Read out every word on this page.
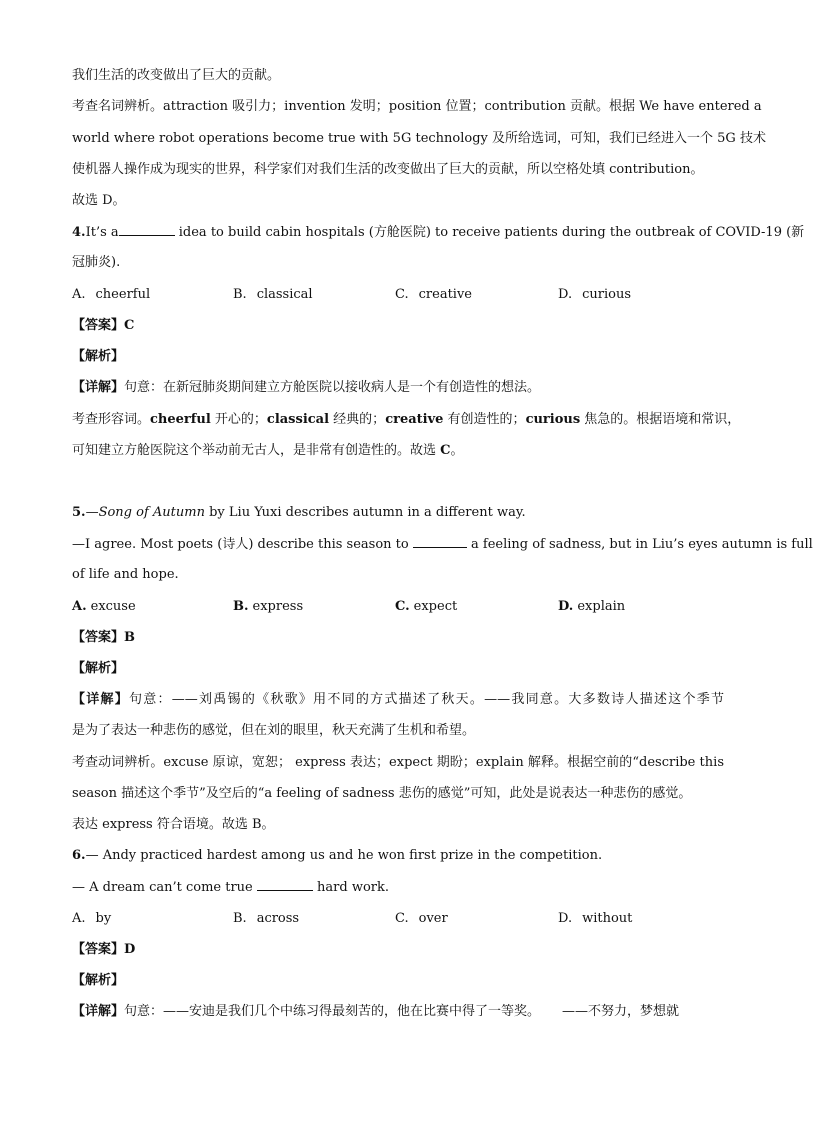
我们生活的改变做出了巨大的贡献。
考查名词辨析。attraction 吸引力；invention 发明；position 位置；contribution 贡献。根据 We have entered a
world where robot operations become true with 5G technology 及所给选词，可知，我们已经进入一个 5G 技术
使机器人操作成为现实的世界，科学家们对我们生活的改变做出了巨大的贡献，所以空格处填 contribution。
故选 D。
4.It’s a	idea to build cabin hospitals (方舱医院) to receive patients during the outbreak of COVID-19 (新
冠肺炎).
A. cheerful	B. classical	C. creative	D. curious
【答案】C
【解析】
【详解】句意：在新冠肺炎期间建立方舱医院以接收病人是一个有创造性的想法。
考查形容词。cheerful 开心的；classical 经典的；creative 有创造性的；curious 焦急的。根据语境和常识，
可知建立方舱医院这个举动前无古人，是非常有创造性的。故选 C。
5.—Song of Autumn by Liu Yuxi describes autumn in a different way.
—I agree. Most poets (诗人) describe this season to	a feeling of sadness, but in Liu’s eyes autumn is full
of life and hope.
A. excuse	B. express	C. expect	D. explain
【答案】B
【解析】
【详解】句意：——刘禹锡的《秋歌》用不同的方式描述了秋天。——我同意。大多数诗人描述这个季节
是为了表达一种悲伤的感觉，但在刘的眼里，秋天充满了生机和希望。
考查动词辨析。excuse 原谅，宽恕； express 表达；expect 期盼；explain 解释。根据空前的“describe this
season 描述这个季节”及空后的“a feeling of sadness 悲伤的感觉”可知，此处是说表达一种悲伤的感觉。
表达 express 符合语境。故选 B。
6.— Andy practiced hardest among us and he won first prize in the competition.
— A dream can’t come true	hard work.
A. by	B. across	C. over	D. without
【答案】D
【解析】
【详解】句意：——安迪是我们几个中练习得最刻苦的，他在比赛中得了一等奖。 ——不努力，梦想就
